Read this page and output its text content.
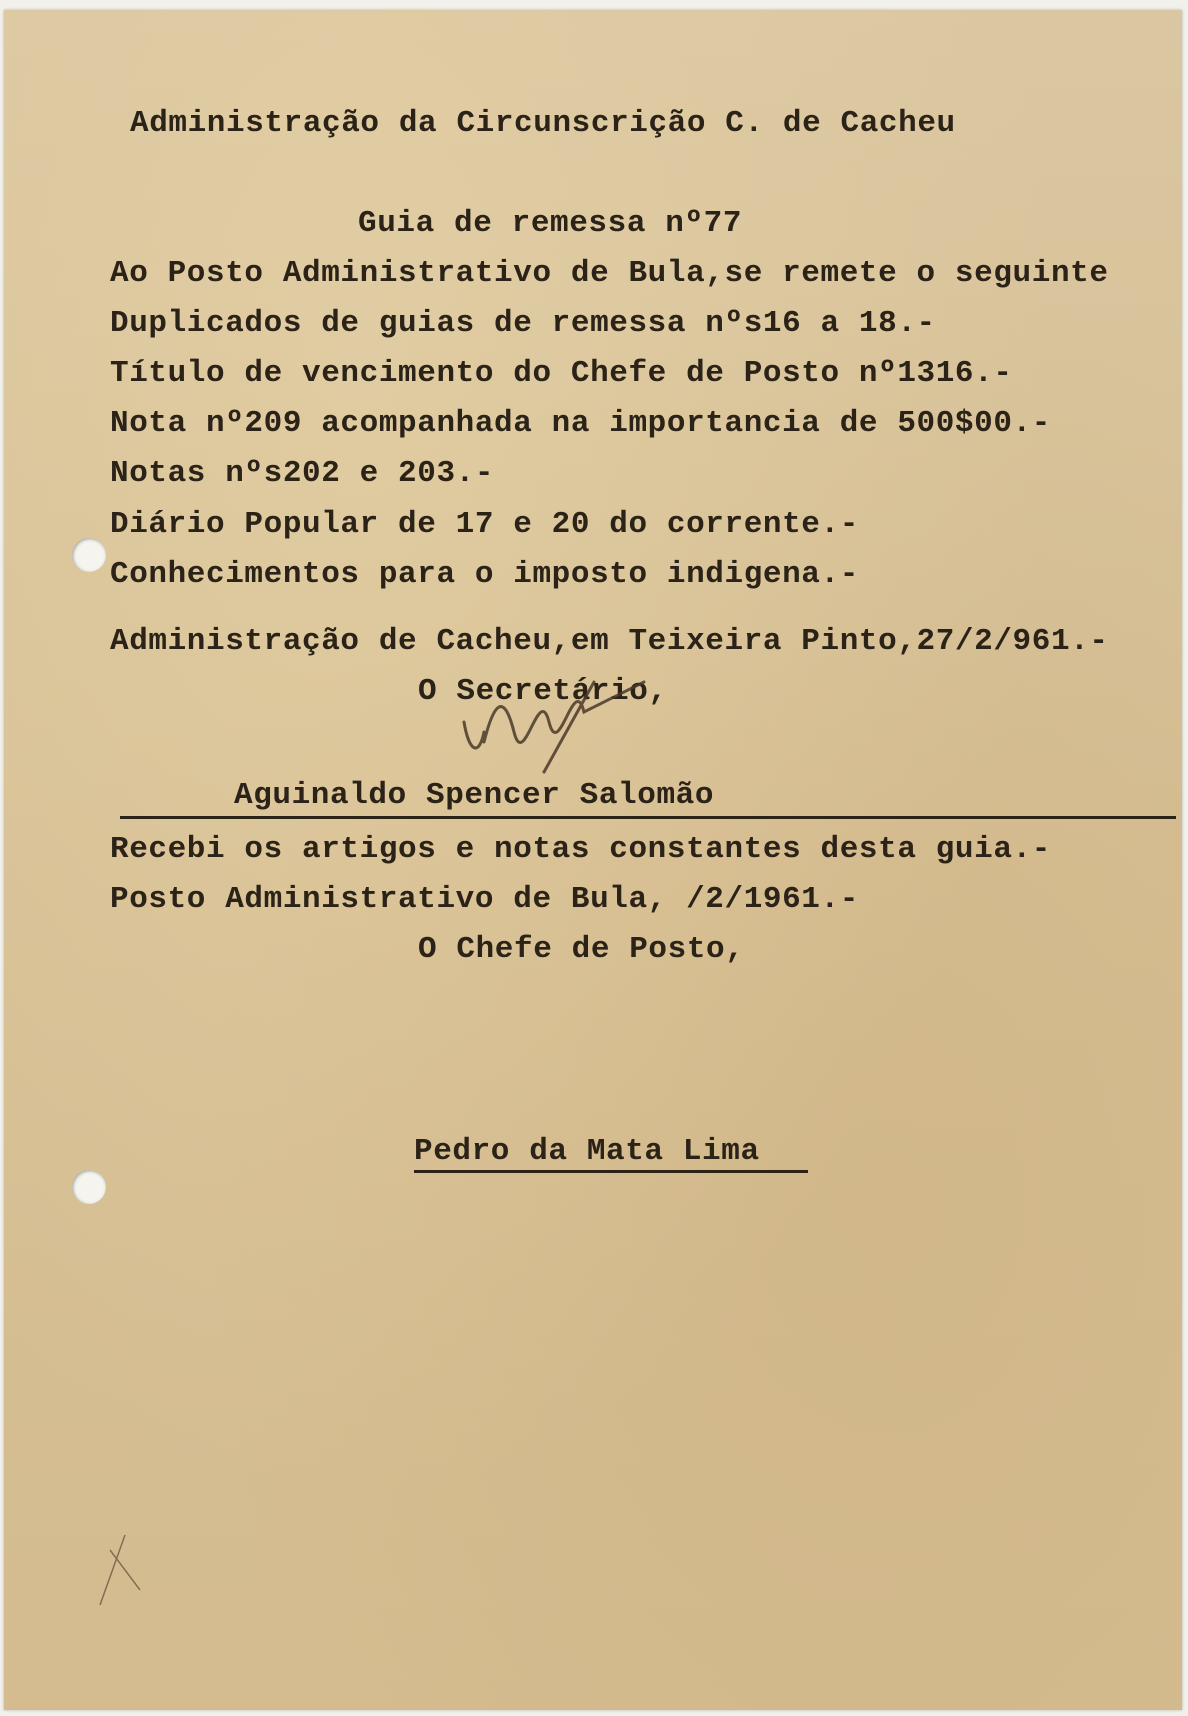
Administração da Circunscrição C. de Cacheu
Guia de remessa nº77
Ao Posto Administrativo de Bula,se remete o seguinte
Duplicados de guias de remessa nºs16 a 18.-
Título de vencimento do Chefe de Posto nº1316.-
Nota nº209 acompanhada na importancia de 500$00.-
Notas nºs202 e 203.-
Diário Popular de 17 e 20 do corrente.-
Conhecimentos para o imposto indigena.-
Administração de Cacheu,em Teixeira Pinto,27/2/961.-
O Secretário,
Aguinaldo Spencer Salomão
Recebi os artigos e notas constantes desta guia.-
Posto Administrativo de Bula, /2/1961.-
O Chefe de Posto,
Pedro da Mata Lima
